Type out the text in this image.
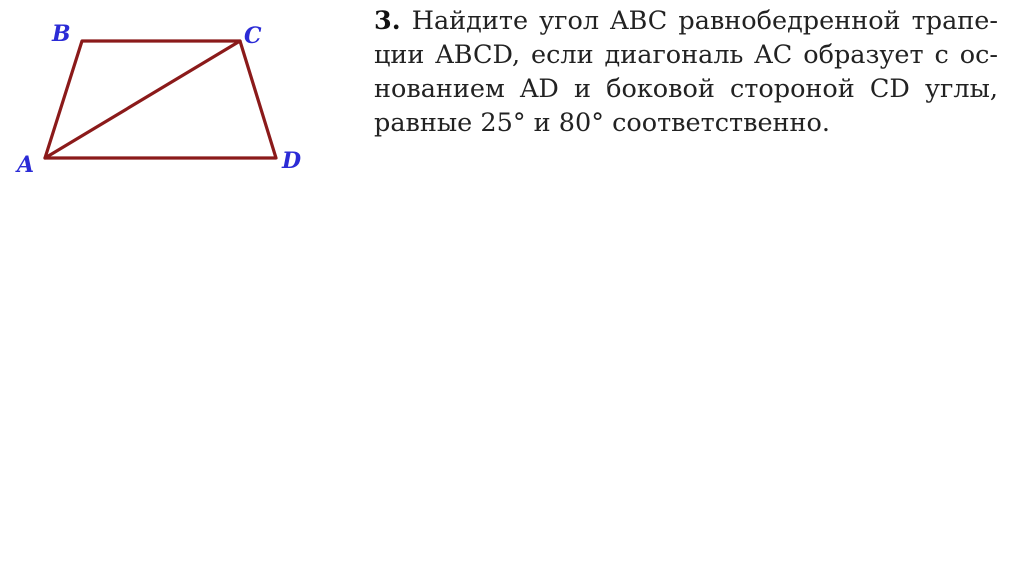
B	C
A	D

3. Найдите угол ABC равнобедренной трапе-
ции ABCD, если диагональ AC образует с ос-
нованием AD и боковой стороной CD углы,
равные 25° и 80° соответственно.
